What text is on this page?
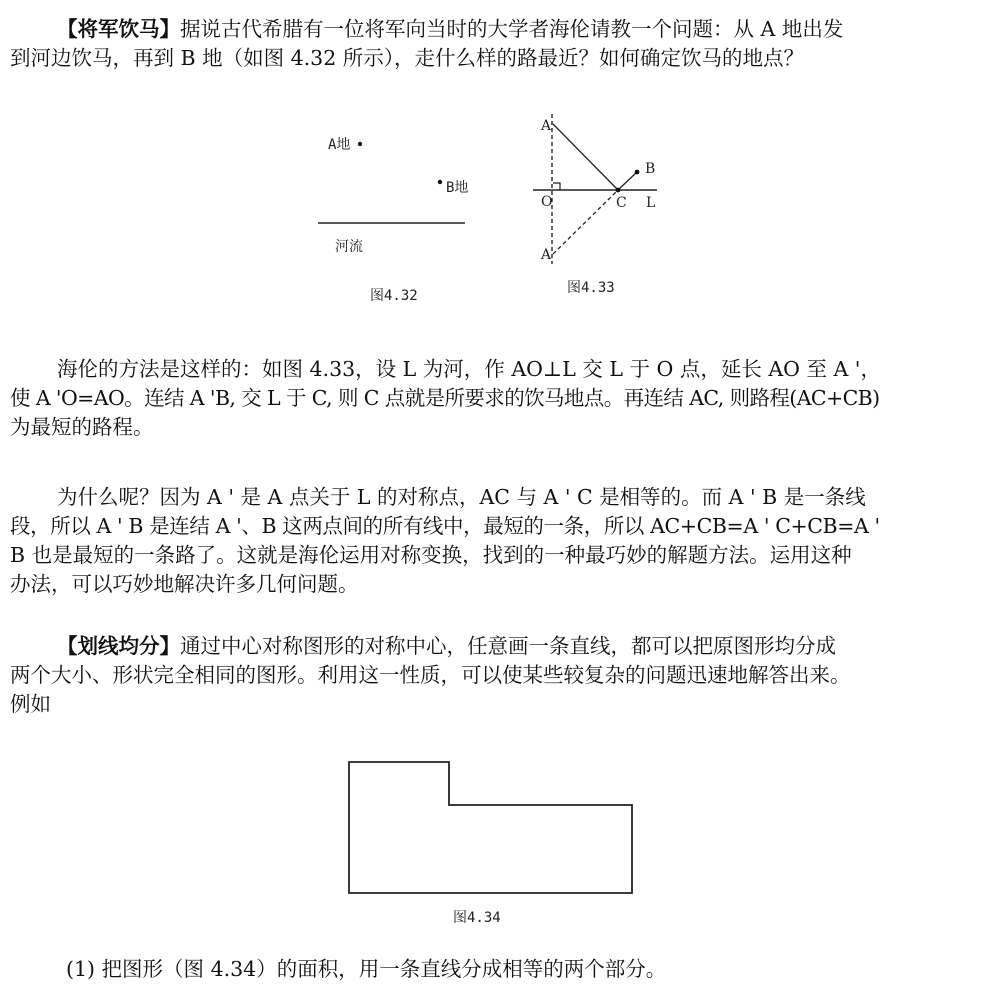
【将军饮马】据说古代希腊有一位将军向当时的大学者海伦请教一个问题：从 A 地出发
到河边饮马，再到 B 地（如图 4.32 所示），走什么样的路最近？如何确定饮马的地点？
A地
B地
河流
图4.32
A
A
B
O	C L
图4.33
图4.34
海伦的方法是这样的：如图 4.33，设 L 为河，作 AO⊥L 交 L 于 O 点，延长 AO 至 A '，
使 A 'O=AO。连结 A 'B, 交 L 于 C, 则 C 点就是所要求的饮马地点。再连结 AC, 则路程(AC+CB)
为最短的路程。
为什么呢？因为 A ' 是 A 点关于 L 的对称点，AC 与 A ' C 是相等的。而 A ' B 是一条线
段，所以 A ' B 是连结 A '、B 这两点间的所有线中，最短的一条，所以 AC+CB=A ' C+CB=A '
B 也是最短的一条路了。这就是海伦运用对称变换，找到的一种最巧妙的解题方法。运用这种
办法，可以巧妙地解决许多几何问题。
【划线均分】通过中心对称图形的对称中心，任意画一条直线，都可以把原图形均分成
两个大小、形状完全相同的图形。利用这一性质，可以使某些较复杂的问题迅速地解答出来。
例如
(1) 把图形（图 4.34）的面积，用一条直线分成相等的两个部分。
